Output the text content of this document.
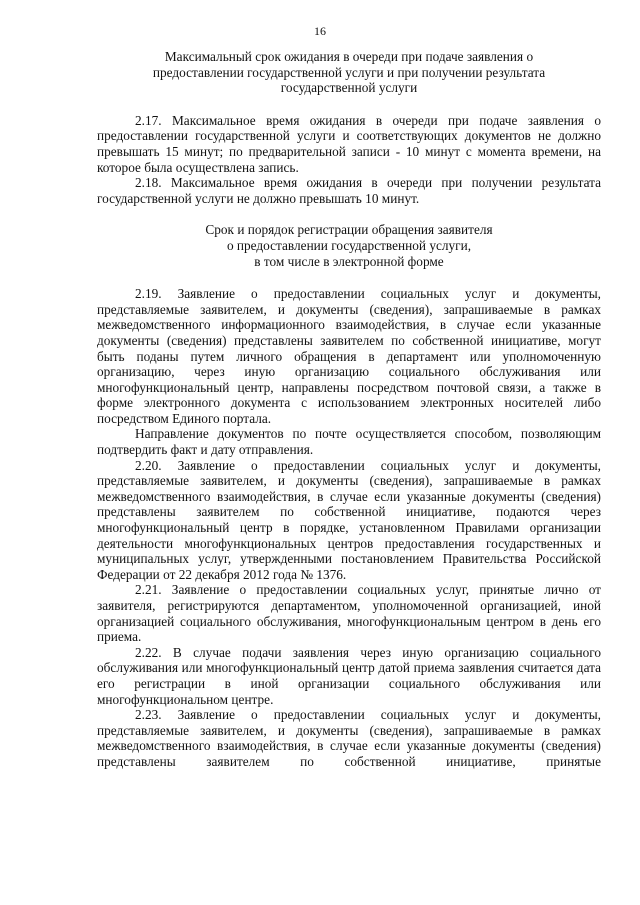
16
Максимальный срок ожидания в очереди при подаче заявления о
предоставлении государственной услуги и при получении результата
государственной услуги

2.17. Максимальное время ожидания в очереди при подаче заявления о предоставлении государственной услуги и соответствующих документов не должно превышать 15 минут; по предварительной записи - 10 минут с момента времени, на которое была осуществлена запись.

2.18. Максимальное время ожидания в очереди при получении результата государственной услуги не должно превышать 10 минут.

Срок и порядок регистрации обращения заявителя
о предоставлении государственной услуги,
в том числе в электронной форме

2.19. Заявление о предоставлении социальных услуг и документы, представляемые заявителем, и документы (сведения), запрашиваемые в рамках межведомственного информационного взаимодействия, в случае если указанные документы (сведения) представлены заявителем по собственной инициативе, могут быть поданы путем личного обращения в департамент или уполномоченную организацию, через иную организацию социального обслуживания или многофункциональный центр, направлены посредством почтовой связи, а также в форме электронного документа с использованием электронных носителей либо посредством Единого портала.

Направление документов по почте осуществляется способом, позволяющим подтвердить факт и дату отправления.

2.20. Заявление о предоставлении социальных услуг и документы, представляемые заявителем, и документы (сведения), запрашиваемые в рамках межведомственного взаимодействия, в случае если указанные документы (сведения) представлены заявителем по собственной инициативе, подаются через многофункциональный центр в порядке, установленном Правилами организации деятельности многофункциональных центров предоставления государственных и муниципальных услуг, утвержденными постановлением Правительства Российской Федерации от 22 декабря 2012 года № 1376.

2.21. Заявление о предоставлении социальных услуг, принятые лично от заявителя, регистрируются департаментом, уполномоченной организацией, иной организацией социального обслуживания, многофункциональным центром в день его приема.

2.22. В случае подачи заявления через иную организацию социального обслуживания или многофункциональный центр датой приема заявления считается дата его регистрации в иной организации социального обслуживания или многофункциональном центре.

2.23. Заявление о предоставлении социальных услуг и документы, представляемые заявителем, и документы (сведения), запрашиваемые в рамках межведомственного взаимодействия, в случае если указанные документы (сведения) представлены заявителем по собственной инициативе, принятые
